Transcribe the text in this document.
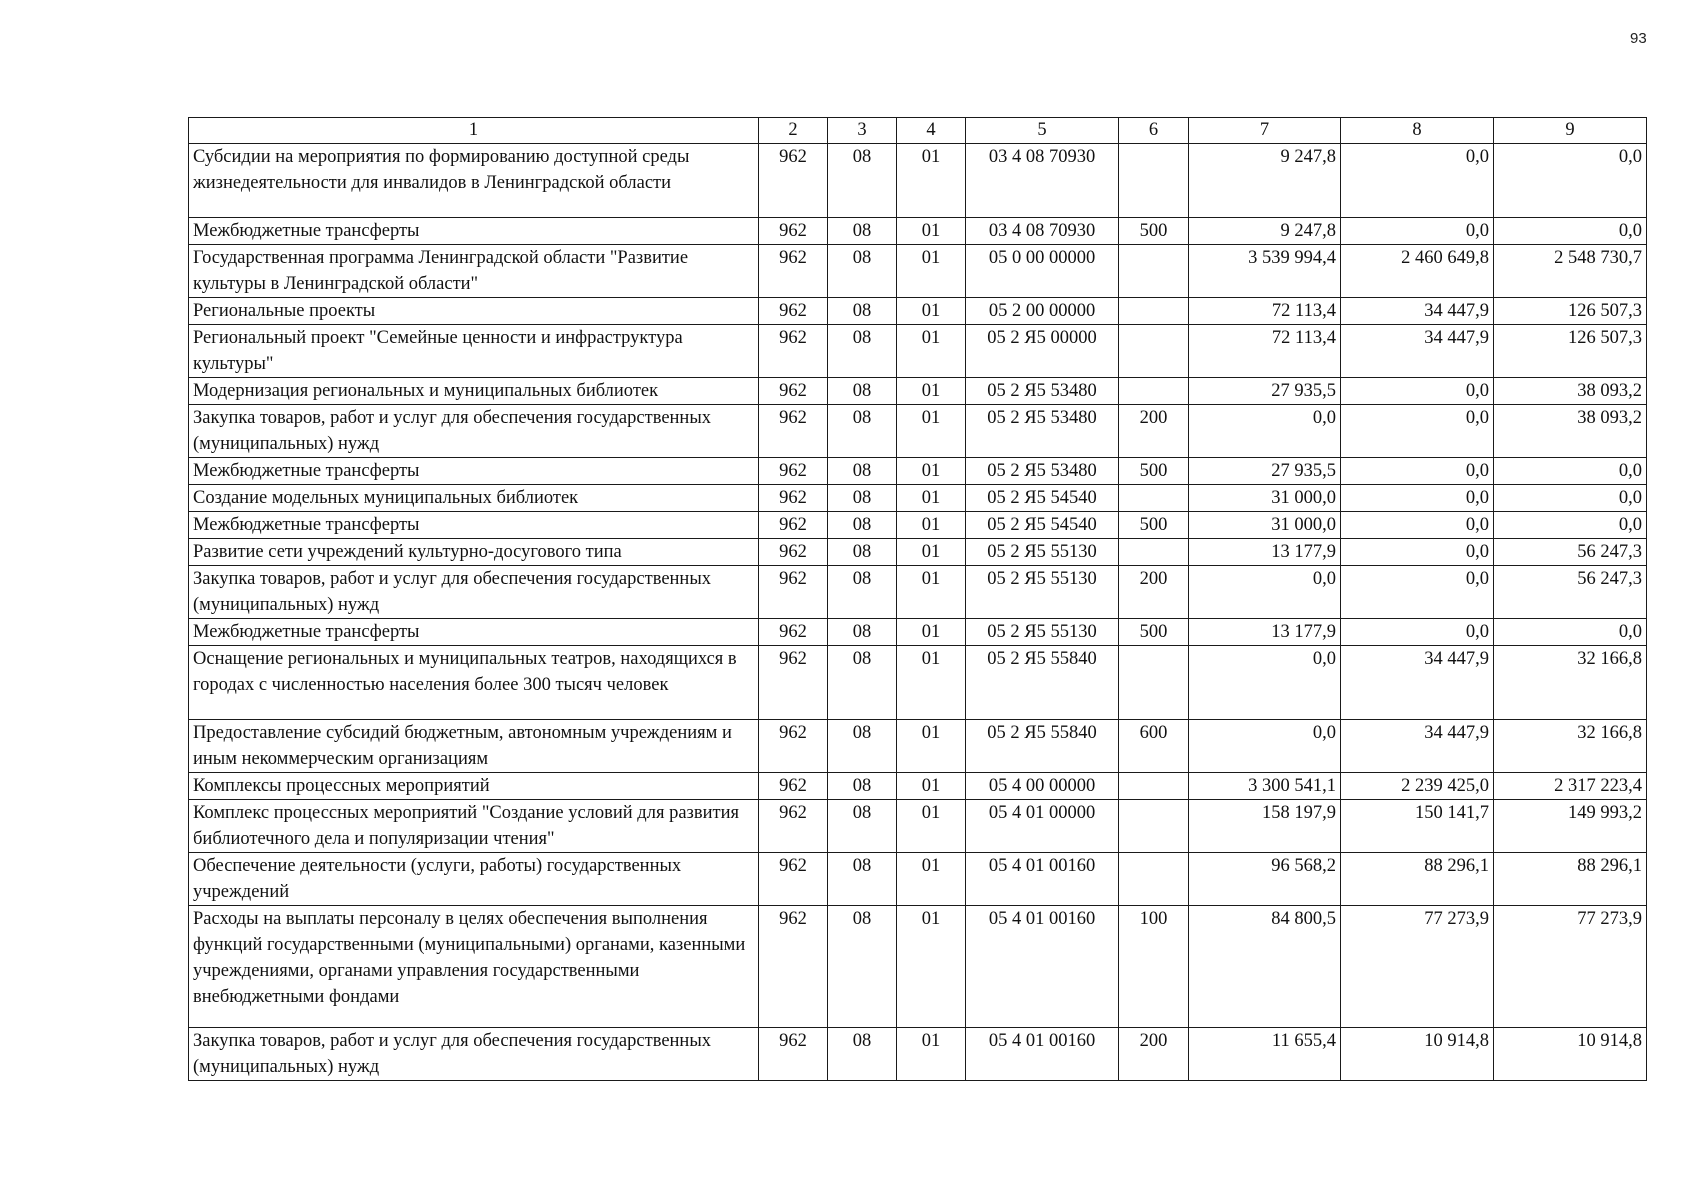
93
1	2	3	4	5	6	7	8	9
Субсидии на мероприятия по формированию доступной среды жизнедеятельности для инвалидов в Ленинградской области	962	08	01	03 4 08 70930		9 247,8	0,0	0,0
Межбюджетные трансферты	962	08	01	03 4 08 70930	500	9 247,8	0,0	0,0
Государственная программа Ленинградской области "Развитие культуры в Ленинградской области"	962	08	01	05 0 00 00000		3 539 994,4	2 460 649,8	2 548 730,7
Региональные проекты	962	08	01	05 2 00 00000		72 113,4	34 447,9	126 507,3
Региональный проект "Семейные ценности и инфраструктура культуры"	962	08	01	05 2 Я5 00000		72 113,4	34 447,9	126 507,3
Модернизация региональных и муниципальных библиотек	962	08	01	05 2 Я5 53480		27 935,5	0,0	38 093,2
Закупка товаров, работ и услуг для обеспечения государственных (муниципальных) нужд	962	08	01	05 2 Я5 53480	200	0,0	0,0	38 093,2
Межбюджетные трансферты	962	08	01	05 2 Я5 53480	500	27 935,5	0,0	0,0
Создание модельных муниципальных библиотек	962	08	01	05 2 Я5 54540		31 000,0	0,0	0,0
Межбюджетные трансферты	962	08	01	05 2 Я5 54540	500	31 000,0	0,0	0,0
Развитие сети учреждений культурно-досугового типа	962	08	01	05 2 Я5 55130		13 177,9	0,0	56 247,3
Закупка товаров, работ и услуг для обеспечения государственных (муниципальных) нужд	962	08	01	05 2 Я5 55130	200	0,0	0,0	56 247,3
Межбюджетные трансферты	962	08	01	05 2 Я5 55130	500	13 177,9	0,0	0,0
Оснащение региональных и муниципальных театров, находящихся в городах с численностью населения более 300 тысяч человек	962	08	01	05 2 Я5 55840		0,0	34 447,9	32 166,8
Предоставление субсидий бюджетным, автономным учреждениям и иным некоммерческим организациям	962	08	01	05 2 Я5 55840	600	0,0	34 447,9	32 166,8
Комплексы процессных мероприятий	962	08	01	05 4 00 00000		3 300 541,1	2 239 425,0	2 317 223,4
Комплекс процессных мероприятий "Создание условий для развития библиотечного дела и популяризации чтения"	962	08	01	05 4 01 00000		158 197,9	150 141,7	149 993,2
Обеспечение деятельности (услуги, работы) государственных учреждений	962	08	01	05 4 01 00160		96 568,2	88 296,1	88 296,1
Расходы на выплаты персоналу в целях обеспечения выполнения функций государственными (муниципальными) органами, казенными учреждениями, органами управления государственными внебюджетными фондами	962	08	01	05 4 01 00160	100	84 800,5	77 273,9	77 273,9
Закупка товаров, работ и услуг для обеспечения государственных (муниципальных) нужд	962	08	01	05 4 01 00160	200	11 655,4	10 914,8	10 914,8
